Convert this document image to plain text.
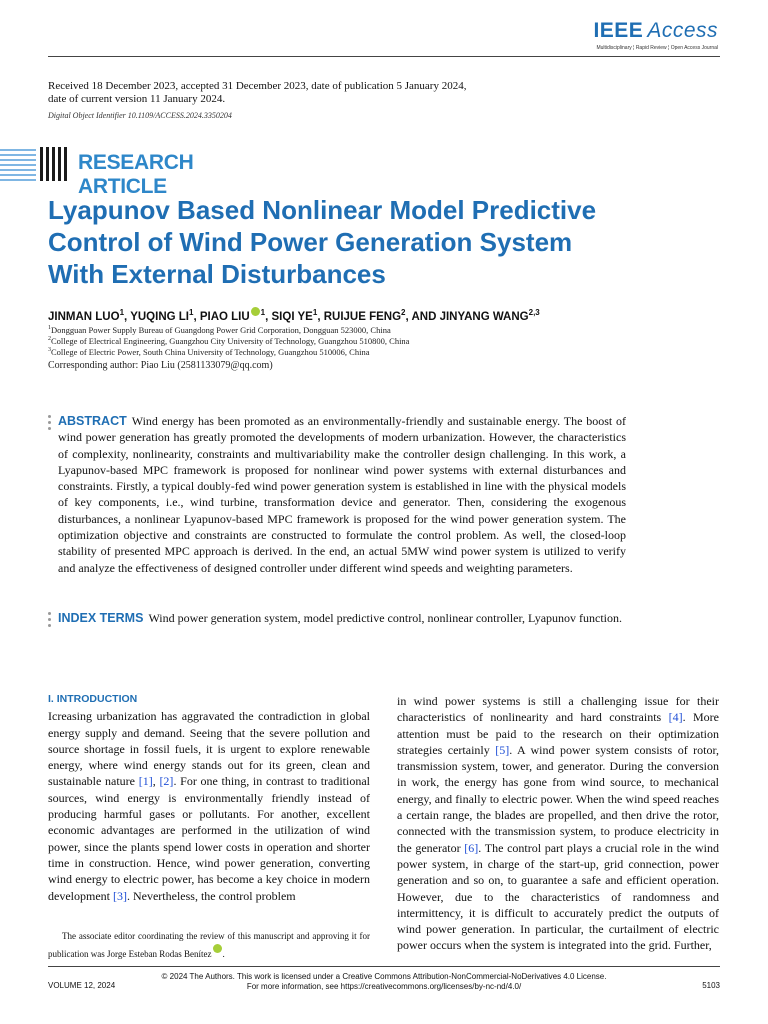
IEEE Access
Multidisciplinary ¦ Rapid Review ¦ Open Access Journal
Received 18 December 2023, accepted 31 December 2023, date of publication 5 January 2024,
date of current version 11 January 2024.
Digital Object Identifier 10.1109/ACCESS.2024.3350204
RESEARCH ARTICLE
Lyapunov Based Nonlinear Model Predictive
Control of Wind Power Generation System
With External Disturbances
JINMAN LUO$^1$, YUQING $LI^1$, PIAO LIU $^1$, SIQI $YE^1$, RUIJUE FENG$^2$, AND JINYANG WANG$^{2,3}$
$^1$Dongguan Power Supply Bureau of Guangdong Power Grid Corporation, Dongguan 523000, China
$^2$College of Electrical Engineering, Guangzhou City University of Technology, Guangzhou 510800, China
$^3$College of Electric Power, South China University of Technology, Guangzhou 510006, China
Corresponding author: Piao Liu (2581133079@qq.com)
ABSTRACT Wind energy has been promoted as an environmentally-friendly and sustainable energy. The boost of wind power generation has greatly promoted the developments of modern urbanization. However, the characteristics of complexity, nonlinearity, constraints and multivariability make the controller design challenging. In this work, a Lyapunov-based MPC framework is proposed for nonlinear wind power systems with external disturbances and constraints. Firstly, a typical doubly-fed wind power generation system is established in line with the physical models of key components, i.e., wind turbine, transformation device and generator. Then, considering the exogenous disturbances, a nonlinear Lyapunov-based MPC framework is proposed for the wind power generation system. The optimization objective and constraints are constructed to formulate the control problem. As well, the closed-loop stability of presented MPC approach is derived. In the end, an actual 5MW wind power system is utilized to verify and analyze the effectiveness of designed controller under different wind speeds and weighting parameters.
INDEX TERMS Wind power generation system, model predictive control, nonlinear controller, Lyapunov function.
I. INTRODUCTION
Icreasing urbanization has aggravated the contradiction in global energy supply and demand. Seeing that the severe pollution and source shortage in fossil fuels, it is urgent to explore renewable energy, where wind energy stands out for its green, clean and sustainable nature [1], [2]. For one thing, in contrast to traditional sources, wind energy is environmentally friendly instead of producing harmful gases or pollutants. For another, excellent economic advantages are performed in the utilization of wind power, since the plants spend lower costs in operation and shorter time in construction. Hence, wind power generation, converting wind energy to electric power, has become a key choice in modern development [3]. Nevertheless, the control problem
in wind power systems is still a challenging issue for their characteristics of nonlinearity and hard constraints [4]. More attention must be paid to the research on their optimization strategies certainly [5]. A wind power system consists of rotor, transmission system, tower, and generator. During the conversion in work, the energy has gone from wind source, to mechanical energy, and finally to electric power. When the wind speed reaches a certain range, the blades are propelled, and then drive the rotor, connected with the transmission system, to produce electricity in the generator [6]. The control part plays a crucial role in the wind power system, in charge of the start-up, grid connection, power generation and so on, to guarantee a safe and efficient operation. However, due to the characteristics of randomness and intermittency, it is difficult to accurately predict the outputs of wind power generation. In particular, the curtailment of electric power occurs when the system is integrated into the grid. Further,
The associate editor coordinating the review of this manuscript and approving it for publication was Jorge Esteban Rodas Benítez .
VOLUME 12, 2024
© 2024 The Authors. This work is licensed under a Creative Commons Attribution-NonCommercial-NoDerivatives 4.0 License.
For more information, see https://creativecommons.org/licenses/by-nc-nd/4.0/	5103
